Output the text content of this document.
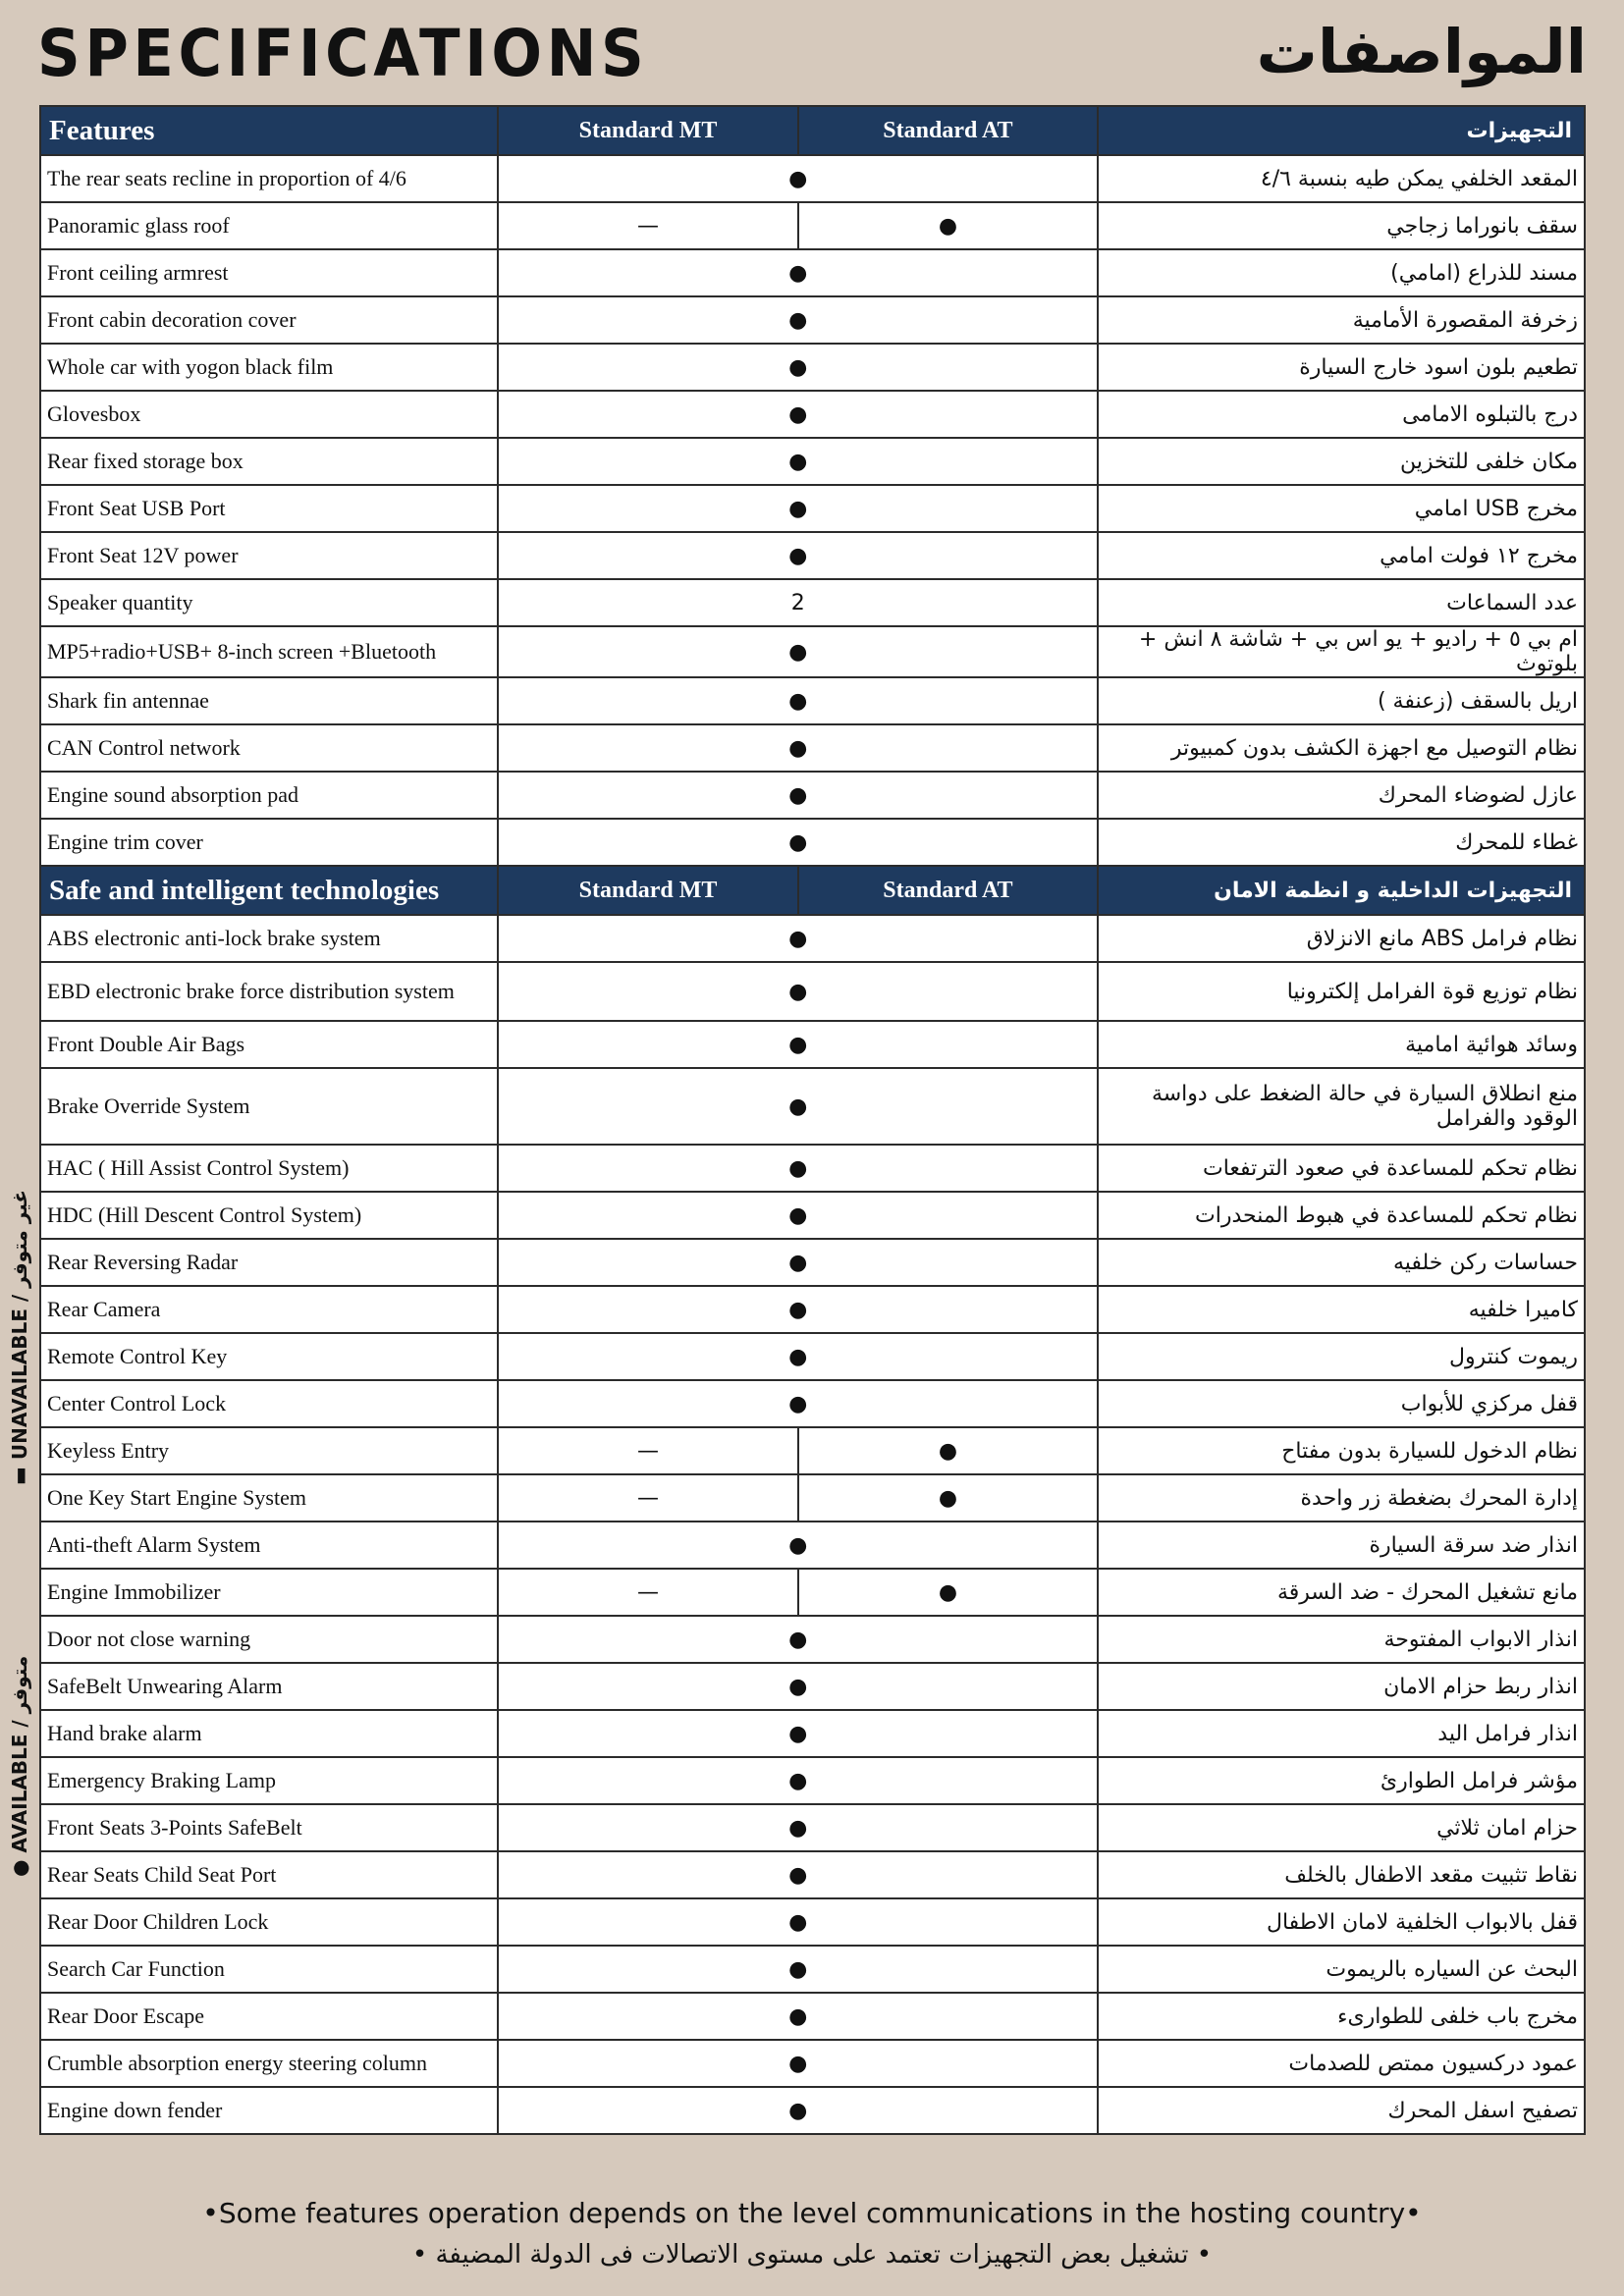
SPECIFICATIONS	المواصفات
● AVAILABLE / متوفر
▬ UNAVAILABLE / غير متوفر
Features	Standard MT	Standard AT	التجهيزات
The rear seats recline in proportion of 4/6	●		المقعد الخلفي يمكن طيه بنسبة ٤/٦
Panoramic glass roof	—	●	سقف بانوراما زجاجي
Front ceiling armrest	●		مسند للذراع (امامي)
Front cabin decoration cover	●		زخرفة المقصورة الأمامية
Whole car with yogon black film	●		تطعيم بلون اسود خارج السيارة
Glovesbox	●		درج بالتبلوه الامامى
Rear fixed storage box	●		مكان خلفى للتخزين
Front Seat USB Port	●		مخرج USB امامي
Front Seat 12V power	●		مخرج ١٢ فولت امامي
Speaker quantity	2		عدد السماعات
MP5+radio+USB+ 8-inch screen +Bluetooth	●		ام بي ٥ + راديو + يو اس بي + شاشة ٨ انش + بلوتوث
Shark fin antennae	●		اريل بالسقف (زعنفة )
CAN Control network	●		نظام التوصيل مع اجهزة الكشف بدون كمبيوتر
Engine sound absorption pad	●		عازل لضوضاء المحرك
Engine trim cover	●		غطاء للمحرك
Safe and intelligent technologies	Standard MT	Standard AT	التجهيزات الداخلية و انظمة الامان
ABS electronic anti-lock brake system	●		نظام فرامل ABS مانع الانزلاق
EBD electronic brake force distribution system	●		نظام توزيع قوة الفرامل إلكترونيا
Front Double Air Bags	●		وسائد هوائية امامية
Brake Override System	●		منع انطلاق السيارة في حالة الضغط على دواسة الوقود والفرامل
HAC ( Hill Assist Control System)	●		نظام تحكم للمساعدة في صعود الترتفعات
HDC (Hill Descent Control System)	●		نظام تحكم للمساعدة في هبوط المنحدرات
Rear Reversing Radar	●		حساسات ركن خلفيه
Rear Camera	●		كاميرا خلفيه
Remote Control Key	●		ريموت كنترول
Center Control Lock	●		قفل مركزي للأبواب
Keyless Entry	—	●	نظام الدخول للسيارة بدون مفتاح
One Key Start Engine System	—	●	إدارة المحرك بضغطة زر واحدة
Anti-theft Alarm System	●		انذار ضد سرقة السيارة
Engine Immobilizer	—	●	مانع تشغيل المحرك - ضد السرقة
Door not close warning	●		انذار الابواب المفتوحة
SafeBelt Unwearing Alarm	●		انذار ربط حزام الامان
Hand brake alarm	●		انذار فرامل اليد
Emergency Braking Lamp	●		مؤشر فرامل الطوارئ
Front Seats 3-Points SafeBelt	●		حزام امان ثلاثي
Rear Seats Child Seat Port	●		نقاط تثبيت مقعد الاطفال بالخلف
Rear Door Children Lock	●		قفل بالابواب الخلفية لامان الاطفال
Search Car Function	●		البحث عن السياره بالريموت
Rear Door Escape	●		مخرج باب خلفى للطوارىء
Crumble absorption energy steering column	●		عمود دركسيون ممتص للصدمات
Engine down fender	●		تصفيح اسفل المحرك
•Some features operation depends on the level communications in the hosting country•
• تشغيل بعض التجهيزات تعتمد على مستوى الاتصالات فى الدولة المضيفة •
